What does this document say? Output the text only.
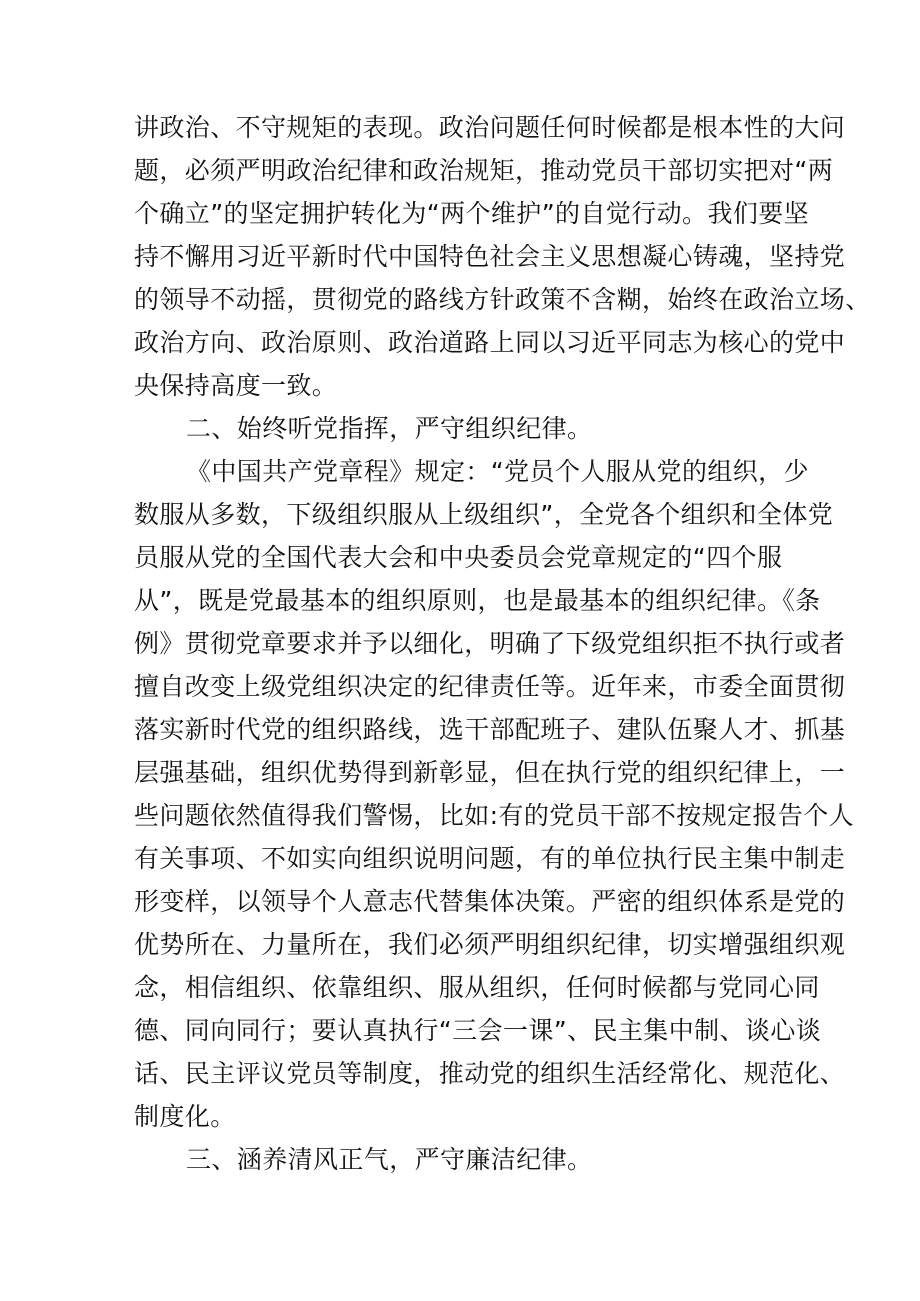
讲政治、不守规矩的表现。政治问题任何时候都是根本性的大问
题，必须严明政治纪律和政治规矩，推动党员干部切实把对“两
个确立”的坚定拥护转化为“两个维护”的自觉行动。我们要坚
持不懈用习近平新时代中国特色社会主义思想凝心铸魂，坚持党
的领导不动摇，贯彻党的路线方针政策不含糊，始终在政治立场、
政治方向、政治原则、政治道路上同以习近平同志为核心的党中
央保持高度一致。
二、始终听党指挥，严守组织纪律。
《中国共产党章程》规定：“党员个人服从党的组织，少
数服从多数，下级组织服从上级组织”，全党各个组织和全体党
员服从党的全国代表大会和中央委员会党章规定的“四个服
从”，既是党最基本的组织原则，也是最基本的组织纪律。《条
例》贯彻党章要求并予以细化，明确了下级党组织拒不执行或者
擅自改变上级党组织决定的纪律责任等。近年来，市委全面贯彻
落实新时代党的组织路线，选干部配班子、建队伍聚人才、抓基
层强基础，组织优势得到新彰显，但在执行党的组织纪律上，一
些问题依然值得我们警惕，比如:有的党员干部不按规定报告个人
有关事项、不如实向组织说明问题，有的单位执行民主集中制走
形变样，以领导个人意志代替集体决策。严密的组织体系是党的
优势所在、力量所在，我们必须严明组织纪律，切实增强组织观
念，相信组织、依靠组织、服从组织，任何时候都与党同心同
德、同向同行；要认真执行“三会一课”、民主集中制、谈心谈
话、民主评议党员等制度，推动党的组织生活经常化、规范化、
制度化。
三、涵养清风正气，严守廉洁纪律。
